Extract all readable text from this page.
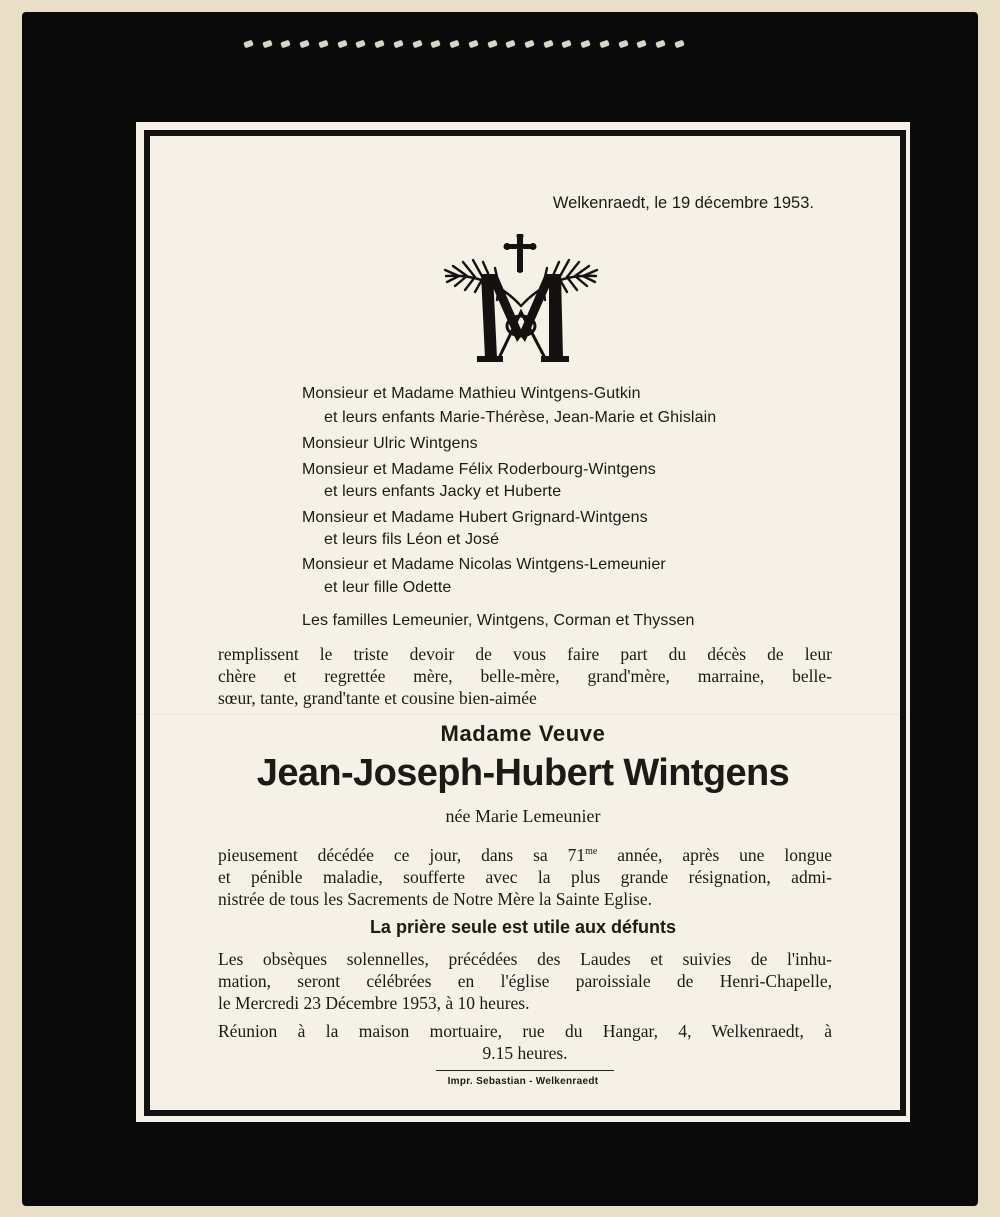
Welkenraedt, le 19 décembre 1953.
Monsieur et Madame Mathieu Wintgens-Gutkin
et leurs enfants Marie-Thérèse, Jean-Marie et Ghislain
Monsieur Ulric Wintgens
Monsieur et Madame Félix Roderbourg-Wintgens
et leurs enfants Jacky et Huberte
Monsieur et Madame Hubert Grignard-Wintgens
et leurs fils Léon et José
Monsieur et Madame Nicolas Wintgens-Lemeunier
et leur fille Odette
Les familles Lemeunier, Wintgens, Corman et Thyssen
remplissent le triste devoir de vous faire part du décès de leur
chère et regrettée mère, belle-mère, grand'mère, marraine, belle-
sœur, tante, grand'tante et cousine bien-aimée
Madame Veuve
Jean-Joseph-Hubert Wintgens
née Marie Lemeunier
pieusement décédée ce jour, dans sa $71^{me}$ année, après une longue
et pénible maladie, soufferte avec la plus grande résignation, admi-
nistrée de tous les Sacrements de Notre Mère la Sainte Eglise.
La prière seule est utile aux défunts
Les obsèques solennelles, précédées des Laudes et suivies de l'inhu-
mation, seront célébrées en l'église paroissiale de Henri-Chapelle,
le Mercredi 23 Décembre 1953, à 10 heures.
Réunion à la maison mortuaire, rue du Hangar, 4, Welkenraedt, à
9.15 heures.
Impr. Sebastian - Welkenraedt
